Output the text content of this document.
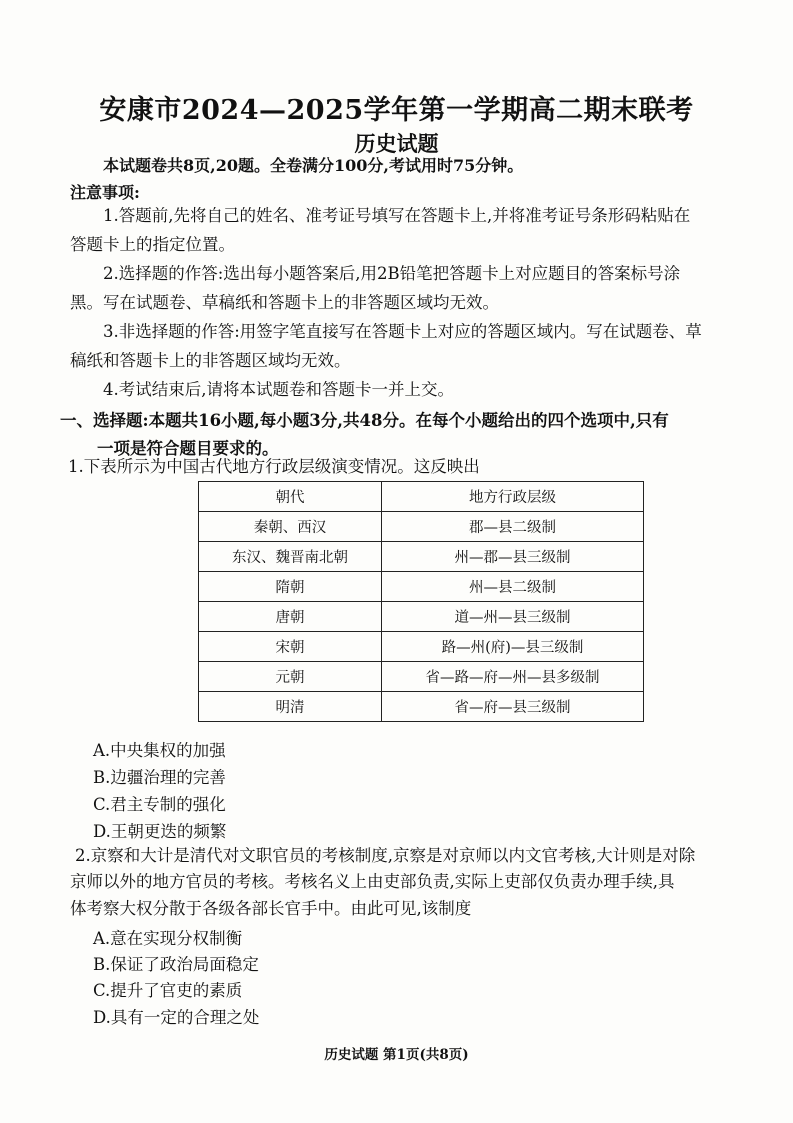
安康市2024—2025学年第一学期高二期末联考
历史试题
本试题卷共8页,20题。全卷满分100分,考试用时75分钟。
注意事项:
1.答题前,先将自己的姓名、准考证号填写在答题卡上,并将准考证号条形码粘贴在
答题卡上的指定位置。
2.选择题的作答:选出每小题答案后,用2B铅笔把答题卡上对应题目的答案标号涂
黑。写在试题卷、草稿纸和答题卡上的非答题区域均无效。
3.非选择题的作答:用签字笔直接写在答题卡上对应的答题区域内。写在试题卷、草
稿纸和答题卡上的非答题区域均无效。
4.考试结束后,请将本试题卷和答题卡一并上交。
一、选择题:本题共16小题,每小题3分,共48分。在每个小题给出的四个选项中,只有
一项是符合题目要求的。
1.下表所示为中国古代地方行政层级演变情况。这反映出
朝代	地方行政层级
秦朝、西汉	郡—县二级制
东汉、魏晋南北朝	州—郡—县三级制
隋朝	州—县二级制
唐朝	道—州—县三级制
宋朝	路—州(府)—县三级制
元朝	省—路—府—州—县多级制
明清	省—府—县三级制
A.中央集权的加强
B.边疆治理的完善
C.君主专制的强化
D.王朝更迭的频繁
2.京察和大计是清代对文职官员的考核制度,京察是对京师以内文官考核,大计则是对除
京师以外的地方官员的考核。考核名义上由吏部负责,实际上吏部仅负责办理手续,具
体考察大权分散于各级各部长官手中。由此可见,该制度
A.意在实现分权制衡
B.保证了政治局面稳定
C.提升了官吏的素质
D.具有一定的合理之处
历史试题 第1页(共8页)
